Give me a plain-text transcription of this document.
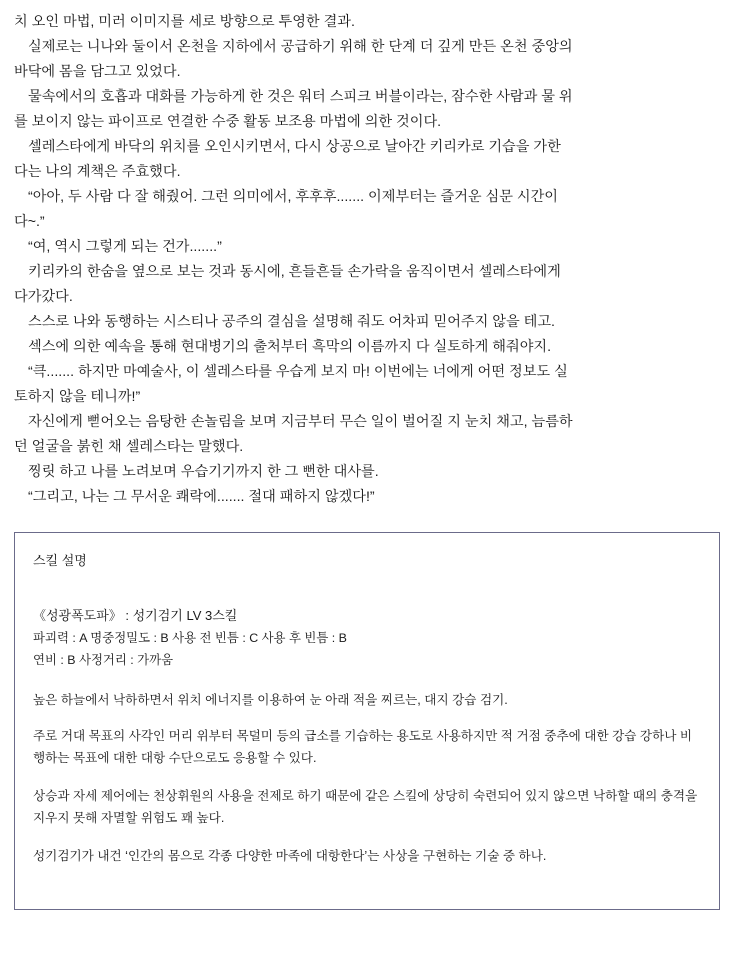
치 오인 마법, 미러 이미지를 세로 방향으로 투영한 결과.

실제로는 니나와 둘이서 온천을 지하에서 공급하기 위해 한 단계 더 깊게 만든 온천 중앙의

바닥에 몸을 담그고 있었다.

물속에서의 호흡과 대화를 가능하게 한 것은 워터 스피크 버블이라는, 잠수한 사람과 물 위

를 보이지 않는 파이프로 연결한 수중 활동 보조용 마법에 의한 것이다.

셀레스타에게 바닥의 위치를 오인시키면서, 다시 상공으로 날아간 키리카로 기습을 가한

다는 나의 계책은 주효했다.

“아아, 두 사람 다 잘 해줬어. 그런 의미에서, 후후후....... 이제부터는 즐거운 심문 시간이

다~.”

“여, 역시 그렇게 되는 건가.......”

키리카의 한숨을 옆으로 보는 것과 동시에, 흔들흔들 손가락을 움직이면서 셀레스타에게

다가갔다.

스스로 나와 동행하는 시스티나 공주의 결심을 설명해 줘도 어차피 믿어주지 않을 테고.

섹스에 의한 예속을 통해 현대병기의 출처부터 흑막의 이름까지 다 실토하게 해줘야지.

“큭....... 하지만 마예술사, 이 셀레스타를 우습게 보지 마! 이번에는 너에게 어떤 정보도 실

토하지 않을 테니까!”

자신에게 뻗어오는 음탕한 손놀림을 보며 지금부터 무슨 일이 벌어질 지 눈치 채고, 늠름하

던 얼굴을 붉힌 채 셀레스타는 말했다.

찡릿 하고 나를 노려보며 우습기기까지 한 그 뻔한 대사를.

“그리고, 나는 그 무서운 쾌락에....... 절대 패하지 않겠다!”

스킬 설명
《성광폭도파》 : 성기검기 LV 3스킬
파괴력 : A 명중정밀도 : B 사용 전 빈틈 : C 사용 후 빈틈 : B
연비 : B 사정거리 : 가까움
높은 하늘에서 낙하하면서 위치 에너지를 이용하여 눈 아래 적을 찌르는, 대지 강습 검기.
주로 거대 목표의 사각인 머리 위부터 목덜미 등의 급소를 기습하는 용도로 사용하지만 적 거점 중추에 대한 강습 강하나 비행하는 목표에 대한 대항 수단으로도 응용할 수 있다.
상승과 자세 제어에는 천상휘원의 사용을 전제로 하기 때문에 같은 스킬에 상당히 숙련되어 있지 않으면 낙하할 때의 충격을 지우지 못해 자멸할 위험도 꽤 높다.
성기검기가 내건 ‘인간의 몸으로 각종 다양한 마족에 대항한다’는 사상을 구현하는 기술 중 하나.
